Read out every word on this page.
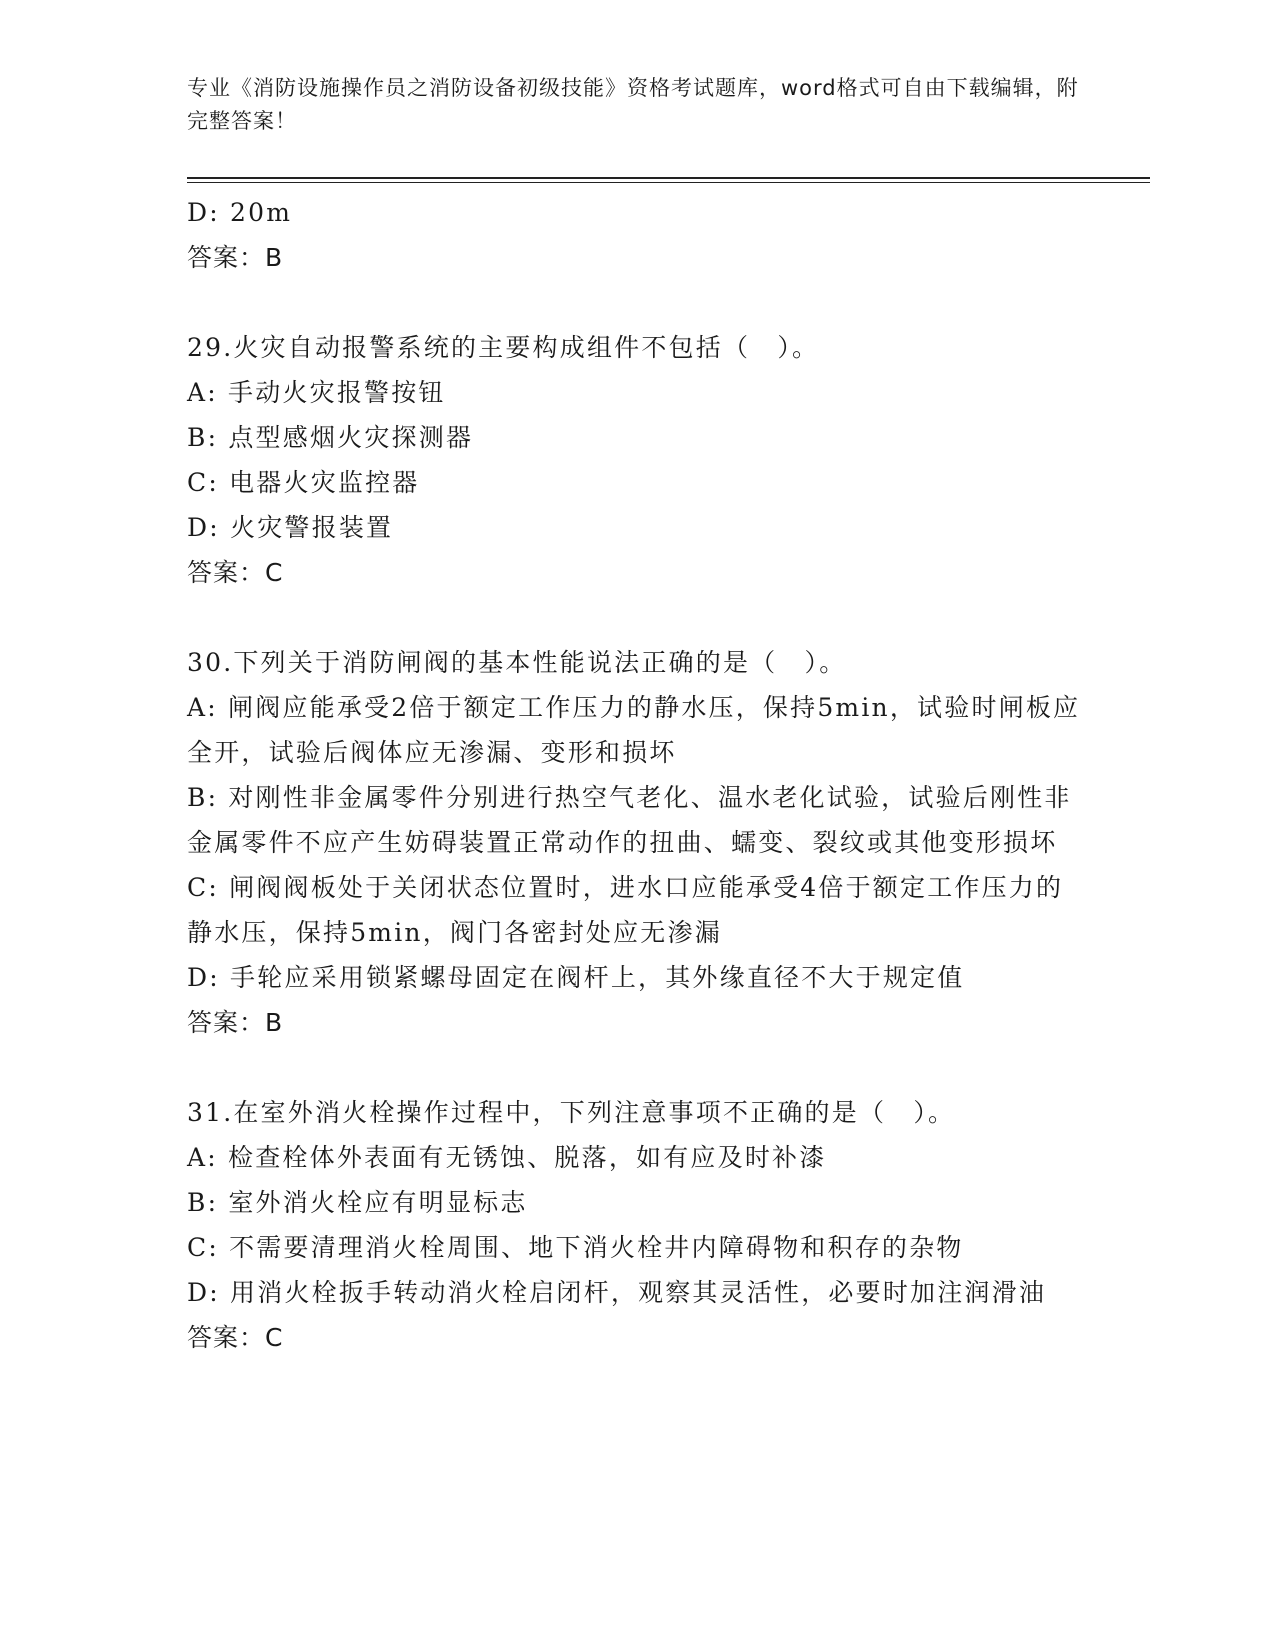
专业《消防设施操作员之消防设备初级技能》资格考试题库，word格式可自由下载编辑，附完整答案！
D: 20m
答案：B
29.火灾自动报警系统的主要构成组件不包括（　）。
A: 手动火灾报警按钮
B: 点型感烟火灾探测器
C: 电器火灾监控器
D: 火灾警报装置
答案：C
30.下列关于消防闸阀的基本性能说法正确的是（　）。
A: 闸阀应能承受2倍于额定工作压力的静水压，保持5min，试验时闸板应全开，试验后阀体应无渗漏、变形和损坏
B: 对刚性非金属零件分别进行热空气老化、温水老化试验，试验后刚性非金属零件不应产生妨碍装置正常动作的扭曲、蠕变、裂纹或其他变形损坏
C: 闸阀阀板处于关闭状态位置时，进水口应能承受4倍于额定工作压力的静水压，保持5min，阀门各密封处应无渗漏
D: 手轮应采用锁紧螺母固定在阀杆上，其外缘直径不大于规定值
答案：B
31.在室外消火栓操作过程中，下列注意事项不正确的是（　）。
A: 检查栓体外表面有无锈蚀、脱落，如有应及时补漆
B: 室外消火栓应有明显标志
C: 不需要清理消火栓周围、地下消火栓井内障碍物和积存的杂物
D: 用消火栓扳手转动消火栓启闭杆，观察其灵活性，必要时加注润滑油
答案：C
